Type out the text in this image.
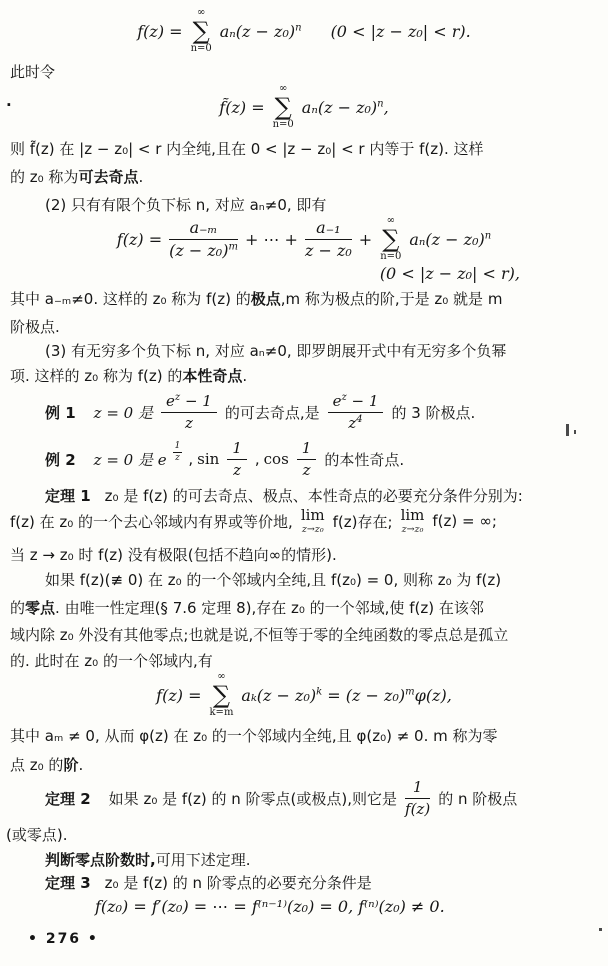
f(z) =
∞
∑
n=0
$a_n(z - z_0)^n$ (0 < |z − z₀| < r).
此时令
.	f̃(z) =
∞
∑
n=0
$a_n(z - z_0)^n$,
则 f̃(z) 在 |z − z₀| < r 内全纯,且在 0 < |z − z₀| < r 内等于 f(z). 这样
的 z₀ 称为可去奇点.
(2) 只有有限个负下标 n, 对应 aₙ≠0, 即有
$f(z) = \frac{\text{a₋ₘ}}{(z - z_0)^m}$ + ⋯ + $\frac{\text{a₋₁}}{\text{z − z₀}}$ +
∞
∑
n=0
$a_n(z - z_0)^n$
(0 < |z − z₀| < r),
其中 a₋ₘ≠0. 这样的 z₀ 称为 f(z) 的极点,m 称为极点的阶,于是 z₀ 就是 m
阶极点.
(3) 有无穷多个负下标 n, 对应 aₙ≠0, 即罗朗展开式中有无穷多个负幂
项. 这样的 z₀ 称为 f(z) 的本性奇点.
例 1 z = 0 是 $\frac{e^z - 1}{z}$ 的可去奇点,是 $\frac{e^z - 1}{z^4}$ 的 3 阶极点.
例 2 z = 0 是 e $\frac{1}{z}$ , $\sin \frac{1}{z}$ , $\cos \frac{1}{z}$ 的本性奇点.
定理 1 z₀ 是 f(z) 的可去奇点、极点、本性奇点的必要充分条件分别为:
f(z) 在 z₀ 的一个去心邻域内有界或等价地, lim
z→z₀ f(z)存在; lim
z→z₀ f(z) = ∞;
当 z → z₀ 时 f(z) 没有极限(包括不趋向∞的情形).
如果 f(z)(≢ 0) 在 z₀ 的一个邻域内全纯,且 f(z₀) = 0, 则称 z₀ 为 f(z)
的零点. 由唯一性定理(§ 7.6 定理 8),存在 z₀ 的一个邻域,使 f(z) 在该邻
域内除 z₀ 外没有其他零点;也就是说,不恒等于零的全纯函数的零点总是孤立
的. 此时在 z₀ 的一个邻域内,有
f(z) =
∞
∑
k=m
$a_k(z - z_0)^k = (z - z_0)^m\varphi(z)$,
其中 aₘ ≠ 0, 从而 φ(z) 在 z₀ 的一个邻域内全纯,且 φ(z₀) ≠ 0. m 称为零
点 z₀ 的阶.
定理 2 如果 z₀ 是 f(z) 的 n 阶零点(或极点),则它是 $\frac{1}{f(z)}$ 的 n 阶极点
(或零点).
判断零点阶数时,可用下述定理.
定理 3 z₀ 是 f(z) 的 n 阶零点的必要充分条件是
f(z₀) = f′(z₀) = ⋯ = f⁽ⁿ⁻¹⁾(z₀) = 0, f⁽ⁿ⁾(z₀) ≠ 0.
• 276 •
